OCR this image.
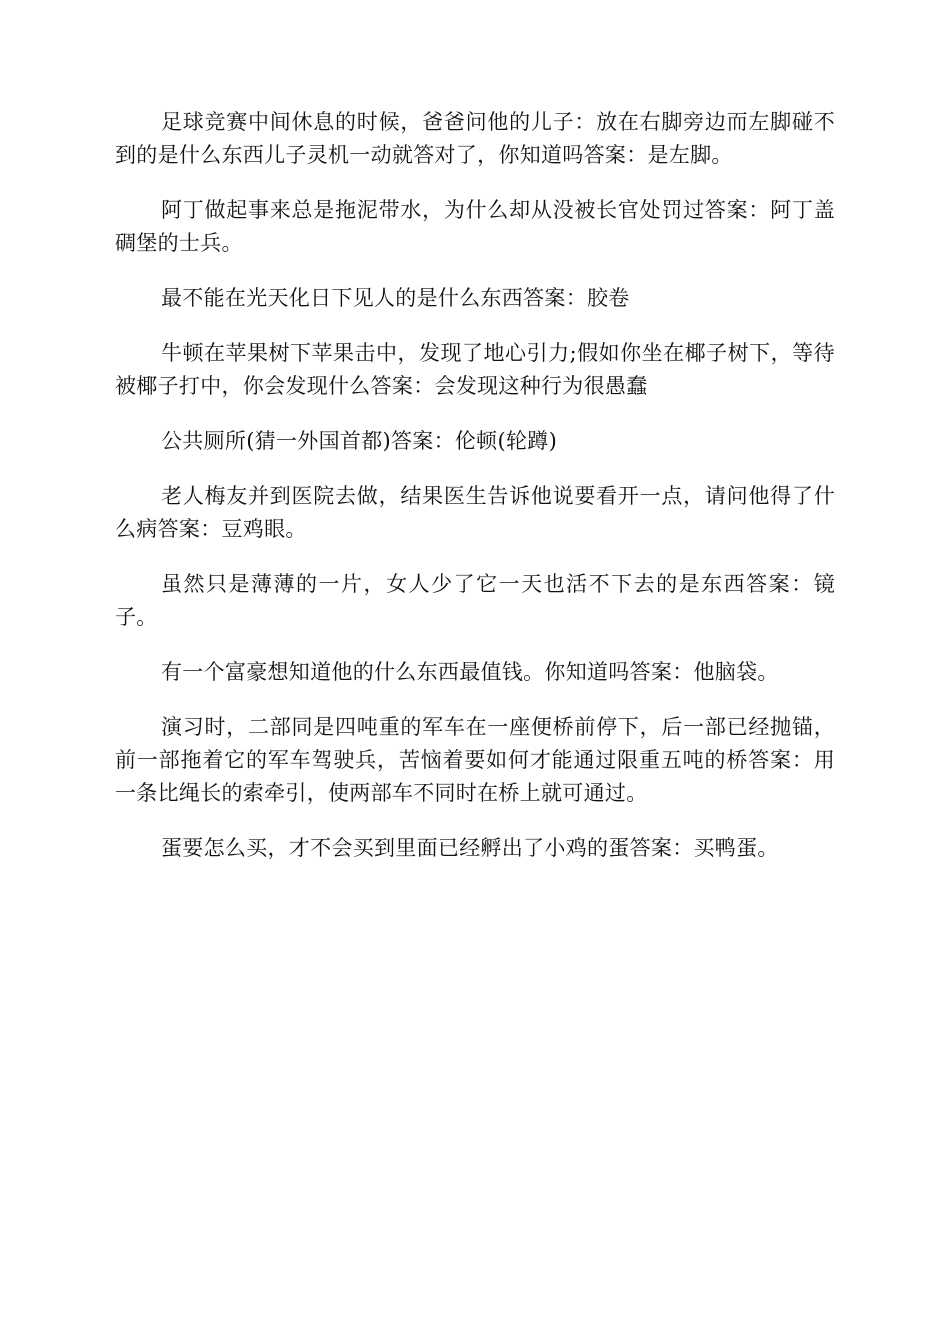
足球竞赛中间休息的时候，爸爸问他的儿子：放在右脚旁边而左脚碰不到的是什么东西儿子灵机一动就答对了，你知道吗答案：是左脚。

阿丁做起事来总是拖泥带水，为什么却从没被长官处罚过答案：阿丁盖碉堡的士兵。

最不能在光天化日下见人的是什么东西答案：胶卷

牛顿在苹果树下苹果击中，发现了地心引力;假如你坐在椰子树下，等待被椰子打中，你会发现什么答案：会发现这种行为很愚蠢

公共厕所(猜一外国首都)答案：伦顿(轮蹲)

老人梅友并到医院去做，结果医生告诉他说要看开一点，请问他得了什么病答案：豆鸡眼。

虽然只是薄薄的一片，女人少了它一天也活不下去的是东西答案：镜子。

有一个富豪想知道他的什么东西最值钱。你知道吗答案：他脑袋。

演习时，二部同是四吨重的军车在一座便桥前停下，后一部已经抛锚，前一部拖着它的军车驾驶兵，苦恼着要如何才能通过限重五吨的桥答案：用一条比绳长的索牵引，使两部车不同时在桥上就可通过。

蛋要怎么买，才不会买到里面已经孵出了小鸡的蛋答案：买鸭蛋。
